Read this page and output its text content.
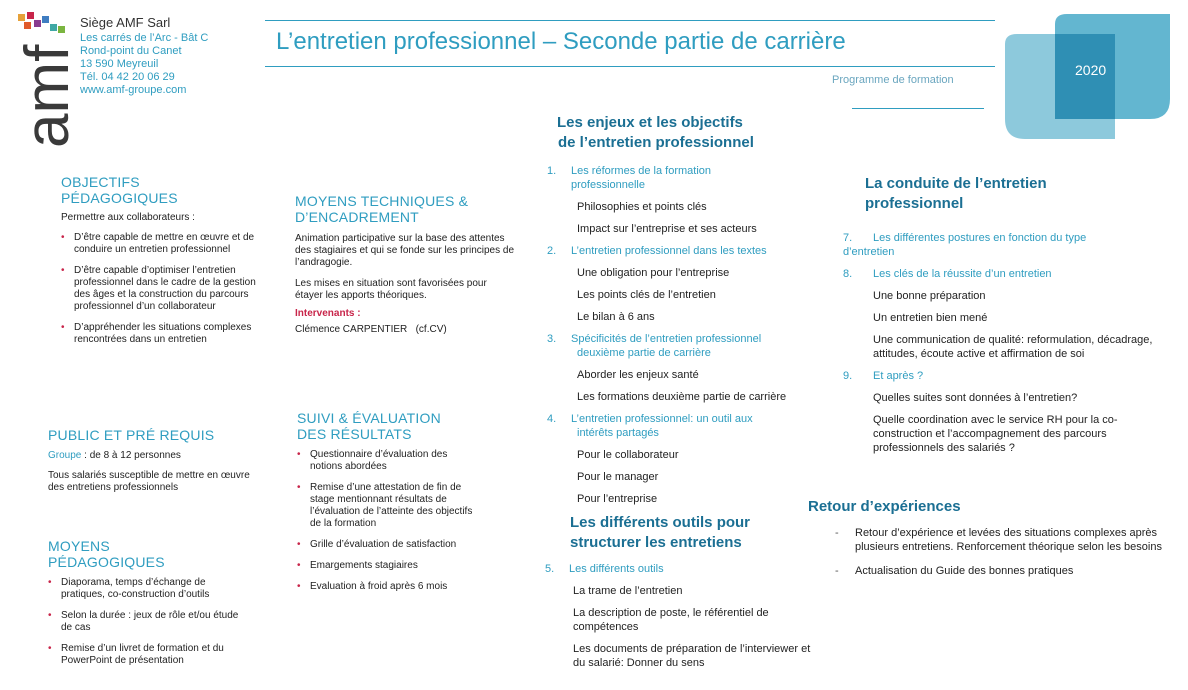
amf
Siège AMF Sarl
Les carrés de l’Arc - Bât C
Rond-point du Canet
13 590 Meyreuil
Tél. 04 42 20 06 29
www.amf-groupe.com
L’entretien professionnel – Seconde partie de carrière
Programme de formation
2020
OBJECTIFS
PÉDAGOGIQUES
Permettre aux collaborateurs :
• D’être capable de mettre en œuvre et de conduire un entretien professionnel
• D’être capable d’optimiser l’entretien professionnel dans le cadre de la gestion des âges et la construction du parcours professionnel d’un collaborateur
• D’appréhender les situations complexes rencontrées dans un entretien
PUBLIC ET PRÉ REQUIS
Groupe : de 8 à 12 personnes
Tous salariés susceptible de mettre en œuvre des entretiens professionnels
MOYENS
PÉDAGOGIQUES
• Diaporama, temps d’échange de pratiques, co-construction d’outils
• Selon la durée : jeux de rôle et/ou étude de cas
• Remise d’un livret de formation et du PowerPoint de présentation
MOYENS TECHNIQUES &
D’ENCADREMENT
Animation participative sur la base des attentes des stagiaires et qui se fonde sur les principes de l’andragogie.
Les mises en situation sont favorisées pour étayer les apports théoriques.
Intervenants :
Clémence CARPENTIER   (cf.CV)
SUIVI & ÉVALUATION
DES RÉSULTATS
• Questionnaire d’évaluation des notions abordées
• Remise d’une attestation de fin de stage mentionnant résultats de l’évaluation de l’atteinte des objectifs de la formation
• Grille d’évaluation de satisfaction
• Emargements stagiaires
• Evaluation à froid après 6 mois
Les enjeux et les objectifs
de l’entretien professionnel
1. Les réformes de la formation
professionnelle
Philosophies et points clés
Impact sur l’entreprise et ses acteurs
2. L’entretien professionnel dans les textes
Une obligation pour l’entreprise
Les points clés de l’entretien
Le bilan à 6 ans
3. Spécificités de l’entretien professionnel
deuxième partie de carrière
Aborder les enjeux santé
Les formations deuxième partie de carrière
4. L’entretien professionnel: un outil aux
intérêts partagés
Pour le collaborateur
Pour le manager
Pour l’entreprise
Les différents outils pour
structurer les entretiens
5. Les différents outils
La trame de l’entretien
La description de poste, le référentiel de compétences
Les documents de préparation de l’interviewer et du salarié: Donner du sens
La conduite de l’entretien
professionnel
7. Les différentes postures en fonction du type
d’entretien
8. Les clés de la réussite d’un entretien
Une bonne préparation
Un entretien bien mené
Une communication de qualité: reformulation, décadrage, attitudes, écoute active et affirmation de soi
9. Et après ?
Quelles suites sont données à l’entretien?
Quelle coordination avec le service RH pour la co-construction et l’accompagnement des parcours professionnels des salariés ?
Retour d’expériences
- Retour d’expérience et levées des situations complexes après plusieurs entretiens. Renforcement théorique selon les besoins
- Actualisation du Guide des bonnes pratiques
